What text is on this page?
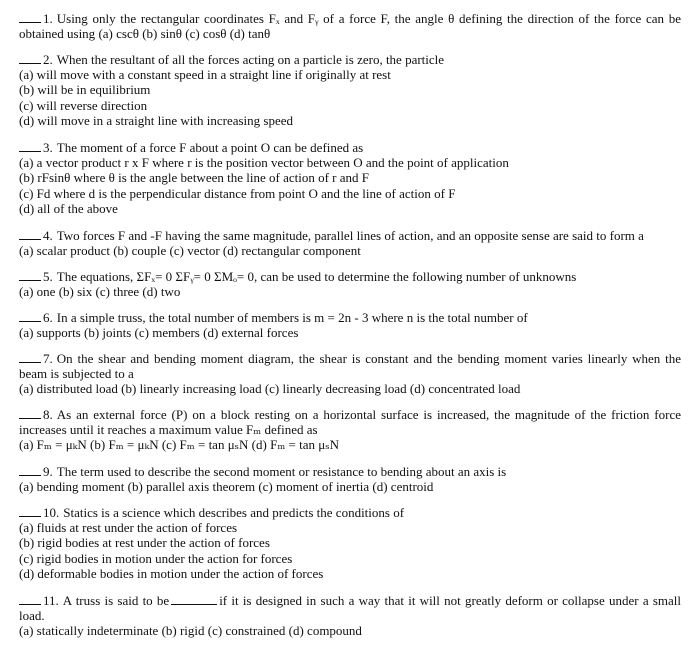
1. Using only the rectangular coordinates Fₓ and Fᵧ of a force F, the angle θ defining the direction of the force can be obtained using (a) cscθ (b) sinθ (c) cosθ (d) tanθ
2. When the resultant of all the forces acting on a particle is zero, the particle
(a) will move with a constant speed in a straight line if originally at rest
(b) will be in equilibrium
(c) will reverse direction
(d) will move in a straight line with increasing speed
3. The moment of a force F about a point O can be defined as
(a) a vector product r x F where r is the position vector between O and the point of application
(b) rFsinθ where θ is the angle between the line of action of r and F
(c) Fd where d is the perpendicular distance from point O and the line of action of F
(d) all of the above
4. Two forces F and -F having the same magnitude, parallel lines of action, and an opposite sense are said to form a
(a) scalar product (b) couple (c) vector (d) rectangular component
5. The equations, ΣFₓ= 0 ΣFᵧ= 0 ΣMₒ= 0, can be used to determine the following number of unknowns
(a) one (b) six (c) three (d) two
6. In a simple truss, the total number of members is m = 2n - 3 where n is the total number of
(a) supports (b) joints (c) members (d) external forces
7. On the shear and bending moment diagram, the shear is constant and the bending moment varies linearly when the beam is subjected to a
(a) distributed load (b) linearly increasing load (c) linearly decreasing load (d) concentrated load
8. As an external force (P) on a block resting on a horizontal surface is increased, the magnitude of the friction force increases until it reaches a maximum value Fₘ defined as
(a) Fₘ = μₖN (b) Fₘ = μₖN (c) Fₘ = tan μₛN (d) Fₘ = tan μₛN
9. The term used to describe the second moment or resistance to bending about an axis is
(a) bending moment (b) parallel axis theorem (c) moment of inertia (d) centroid
10. Statics is a science which describes and predicts the conditions of
(a) fluids at rest under the action of forces
(b) rigid bodies at rest under the action of forces
(c) rigid bodies in motion under the action for forces
(d) deformable bodies in motion under the action of forces
11. A truss is said to be	if it is designed in such a way that it will not greatly deform or collapse under a small load.
(a) statically indeterminate (b) rigid (c) constrained (d) compound
